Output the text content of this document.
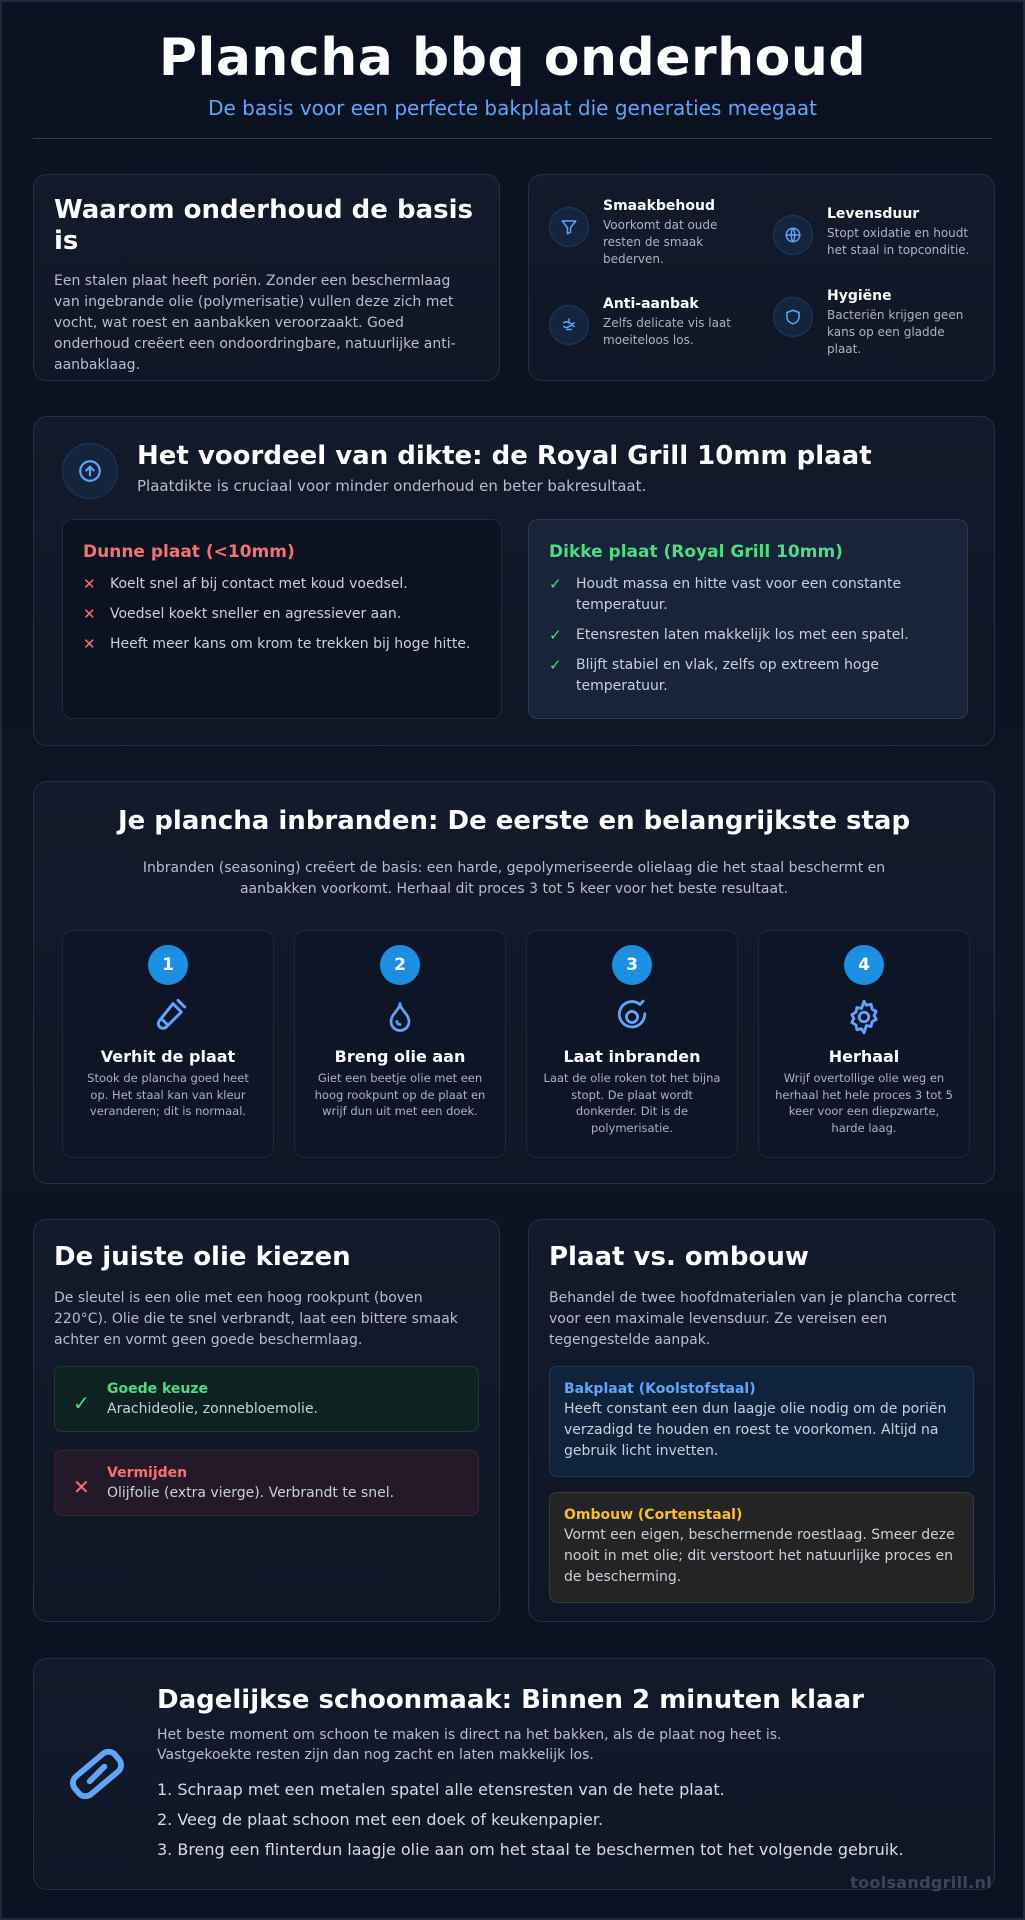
Plancha bbq onderhoud

De basis voor een perfecte bakplaat die generaties meegaat

Waarom onderhoud de basis is

Een stalen plaat heeft poriën. Zonder een beschermlaag van ingebrande olie (polymerisatie) vullen deze zich met vocht, wat roest en aanbakken veroorzaakt. Goed onderhoud creëert een ondoordringbare, natuurlijke anti-aanbaklaag.

Smaakbehoud
Voorkomt dat oude resten de smaak bederven.
Levensduur
Stopt oxidatie en houdt het staal in topconditie.
Anti-aanbak
Zelfs delicate vis laat moeiteloos los.
Hygiëne
Bacteriën krijgen geen kans op een gladde plaat.
Het voordeel van dikte: de Royal Grill 10mm plaat
Plaatdikte is cruciaal voor minder onderhoud en beter bakresultaat.
Dunne plaat (<10mm)
✕	Koelt snel af bij contact met koud voedsel.
✕	Voedsel koekt sneller en agressiever aan.
✕	Heeft meer kans om krom te trekken bij hoge hitte.
Dikke plaat (Royal Grill 10mm)
✓	Houdt massa en hitte vast voor een constante temperatuur.
✓	Etensresten laten makkelijk los met een spatel.
✓	Blijft stabiel en vlak, zelfs op extreem hoge temperatuur.
Je plancha inbranden: De eerste en belangrijkste stap

Inbranden (seasoning) creëert de basis: een harde, gepolymeriseerde olielaag die het staal beschermt en aanbakken voorkomt. Herhaal dit proces 3 tot 5 keer voor het beste resultaat.

1
Verhit de plaat

Stook de plancha goed heet op. Het staal kan van kleur veranderen; dit is normaal.

2
Breng olie aan

Giet een beetje olie met een hoog rookpunt op de plaat en wrijf dun uit met een doek.

3
Laat inbranden

Laat de olie roken tot het bijna stopt. De plaat wordt donkerder. Dit is de polymerisatie.

4
Herhaal

Wrijf overtollige olie weg en herhaal het hele proces 3 tot 5 keer voor een diepzwarte, harde laag.

De juiste olie kiezen

De sleutel is een olie met een hoog rookpunt (boven 220°C). Olie die te snel verbrandt, laat een bittere smaak achter en vormt geen goede beschermlaag.

✓
Goede keuze
Arachideolie, zonnebloemolie.
✕
Vermijden
Olijfolie (extra vierge). Verbrandt te snel.
Plaat vs. ombouw

Behandel de twee hoofdmaterialen van je plancha correct voor een maximale levensduur. Ze vereisen een tegengestelde aanpak.

Bakplaat (Koolstofstaal)
Heeft constant een dun laagje olie nodig om de poriën verzadigd te houden en roest te voorkomen. Altijd na gebruik licht invetten.
Ombouw (Cortenstaal)
Vormt een eigen, beschermende roestlaag. Smeer deze nooit in met olie; dit verstoort het natuurlijke proces en de bescherming.
Dagelijkse schoonmaak: Binnen 2 minuten klaar

Het beste moment om schoon te maken is direct na het bakken, als de plaat nog heet is. Vastgekoekte resten zijn dan nog zacht en laten makkelijk los.

1. Schraap met een metalen spatel alle etensresten van de hete plaat.
2. Veeg de plaat schoon met een doek of keukenpapier.
3. Breng een flinterdun laagje olie aan om het staal te beschermen tot het volgende gebruik.
toolsandgrill.nl
